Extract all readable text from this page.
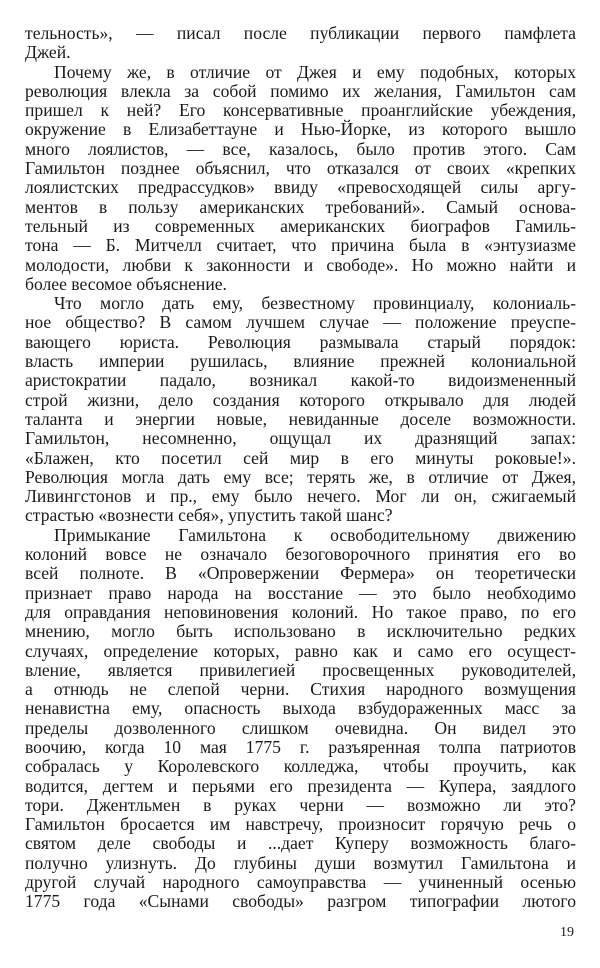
тельность», — писал после публикации первого памфлета
Джей.
Почему же, в отличие от Джея и ему подобных, которых
революция влекла за собой помимо их желания, Гамильтон сам
пришел к ней? Его консервативные проанглийские убеждения,
окружение в Елизабеттауне и Нью-Йорке, из которого вышло
много лоялистов, — все, казалось, было против этого. Сам
Гамильтон позднее объяснил, что отказался от своих «крепких
лоялистских предрассудков» ввиду «превосходящей силы аргу-
ментов в пользу американских требований». Самый основа-
тельный из современных американских биографов Гамиль-
тона — Б. Митчелл считает, что причина была в «энтузиазме
молодости, любви к законности и свободе». Но можно найти и
более весомое объяснение.
Что могло дать ему, безвестному провинциалу, колониаль-
ное общество? В самом лучшем случае — положение преуспе-
вающего юриста. Революция размывала старый порядок:
власть империи рушилась, влияние прежней колониальной
аристократии падало, возникал какой-то видоизмененный
строй жизни, дело создания которого открывало для людей
таланта и энергии новые, невиданные доселе возможности.
Гамильтон, несомненно, ощущал их дразнящий запах:
«Блажен, кто посетил сей мир в его минуты роковые!».
Революция могла дать ему все; терять же, в отличие от Джея,
Ливингстонов и пр., ему было нечего. Мог ли он, сжигаемый
страстью «вознести себя», упустить такой шанс?
Примыкание Гамильтона к освободительному движению
колоний вовсе не означало безоговорочного принятия его во
всей полноте. В «Опровержении Фермера» он теоретически
признает право народа на восстание — это было необходимо
для оправдания неповиновения колоний. Но такое право, по его
мнению, могло быть использовано в исключительно редких
случаях, определение которых, равно как и само его осущест-
вление, является привилегией просвещенных руководителей,
а отнюдь не слепой черни. Стихия народного возмущения
ненавистна ему, опасность выхода взбудораженных масс за
пределы дозволенного слишком очевидна. Он видел это
воочию, когда 10 мая 1775 г. разъяренная толпа патриотов
собралась у Королевского колледжа, чтобы проучить, как
водится, дегтем и перьями его президента — Купера, заядлого
тори. Джентльмен в руках черни — возможно ли это?
Гамильтон бросается им навстречу, произносит горячую речь о
святом деле свободы и ...дает Куперу возможность благо-
получно улизнуть. До глубины души возмутил Гамильтона и
другой случай народного самоуправства — учиненный осенью
1775 года «Сынами свободы» разгром типографии лютого
19
